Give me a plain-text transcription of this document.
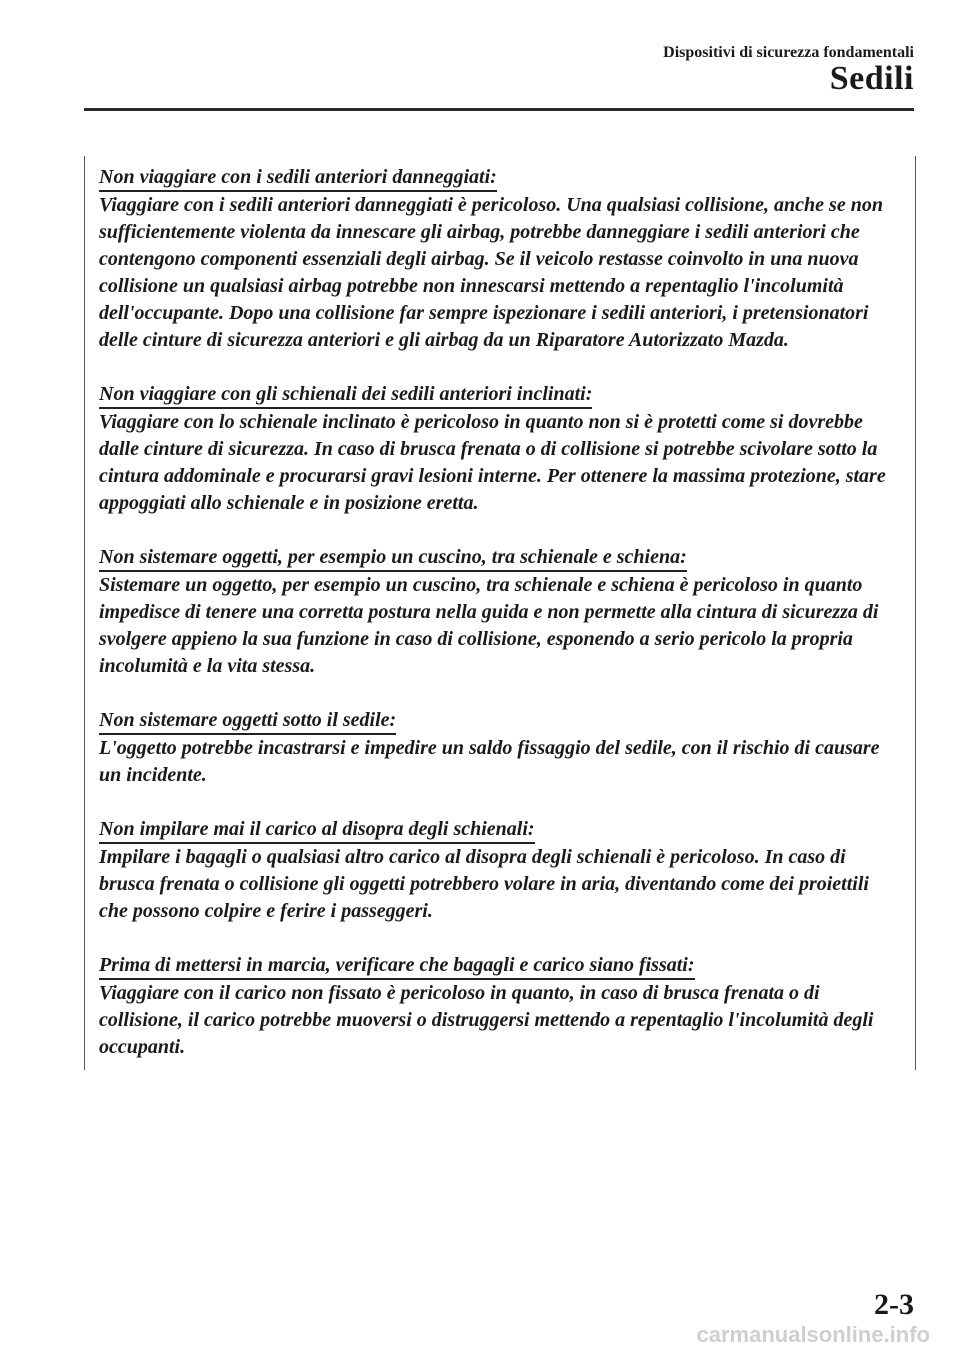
Dispositivi di sicurezza fondamentali
Sedili
Non viaggiare con i sedili anteriori danneggiati:

Viaggiare con i sedili anteriori danneggiati è pericoloso. Una qualsiasi collisione, anche se non sufficientemente violenta da innescare gli airbag, potrebbe danneggiare i sedili anteriori che contengono componenti essenziali degli airbag. Se il veicolo restasse coinvolto in una nuova collisione un qualsiasi airbag potrebbe non innescarsi mettendo a repentaglio l'incolumità dell'occupante. Dopo una collisione far sempre ispezionare i sedili anteriori, i pretensionatori delle cinture di sicurezza anteriori e gli airbag da un Riparatore Autorizzato Mazda.

Non viaggiare con gli schienali dei sedili anteriori inclinati:

Viaggiare con lo schienale inclinato è pericoloso in quanto non si è protetti come si dovrebbe dalle cinture di sicurezza. In caso di brusca frenata o di collisione si potrebbe scivolare sotto la cintura addominale e procurarsi gravi lesioni interne. Per ottenere la massima protezione, stare appoggiati allo schienale e in posizione eretta.

Non sistemare oggetti, per esempio un cuscino, tra schienale e schiena:

Sistemare un oggetto, per esempio un cuscino, tra schienale e schiena è pericoloso in quanto impedisce di tenere una corretta postura nella guida e non permette alla cintura di sicurezza di svolgere appieno la sua funzione in caso di collisione, esponendo a serio pericolo la propria incolumità e la vita stessa.

Non sistemare oggetti sotto il sedile:

L'oggetto potrebbe incastrarsi e impedire un saldo fissaggio del sedile, con il rischio di causare un incidente.

Non impilare mai il carico al disopra degli schienali:

Impilare i bagagli o qualsiasi altro carico al disopra degli schienali è pericoloso. In caso di brusca frenata o collisione gli oggetti potrebbero volare in aria, diventando come dei proiettili che possono colpire e ferire i passeggeri.

Prima di mettersi in marcia, verificare che bagagli e carico siano fissati:

Viaggiare con il carico non fissato è pericoloso in quanto, in caso di brusca frenata o di collisione, il carico potrebbe muoversi o distruggersi mettendo a repentaglio l'incolumità degli occupanti.

2-3
carmanualsonline.info
